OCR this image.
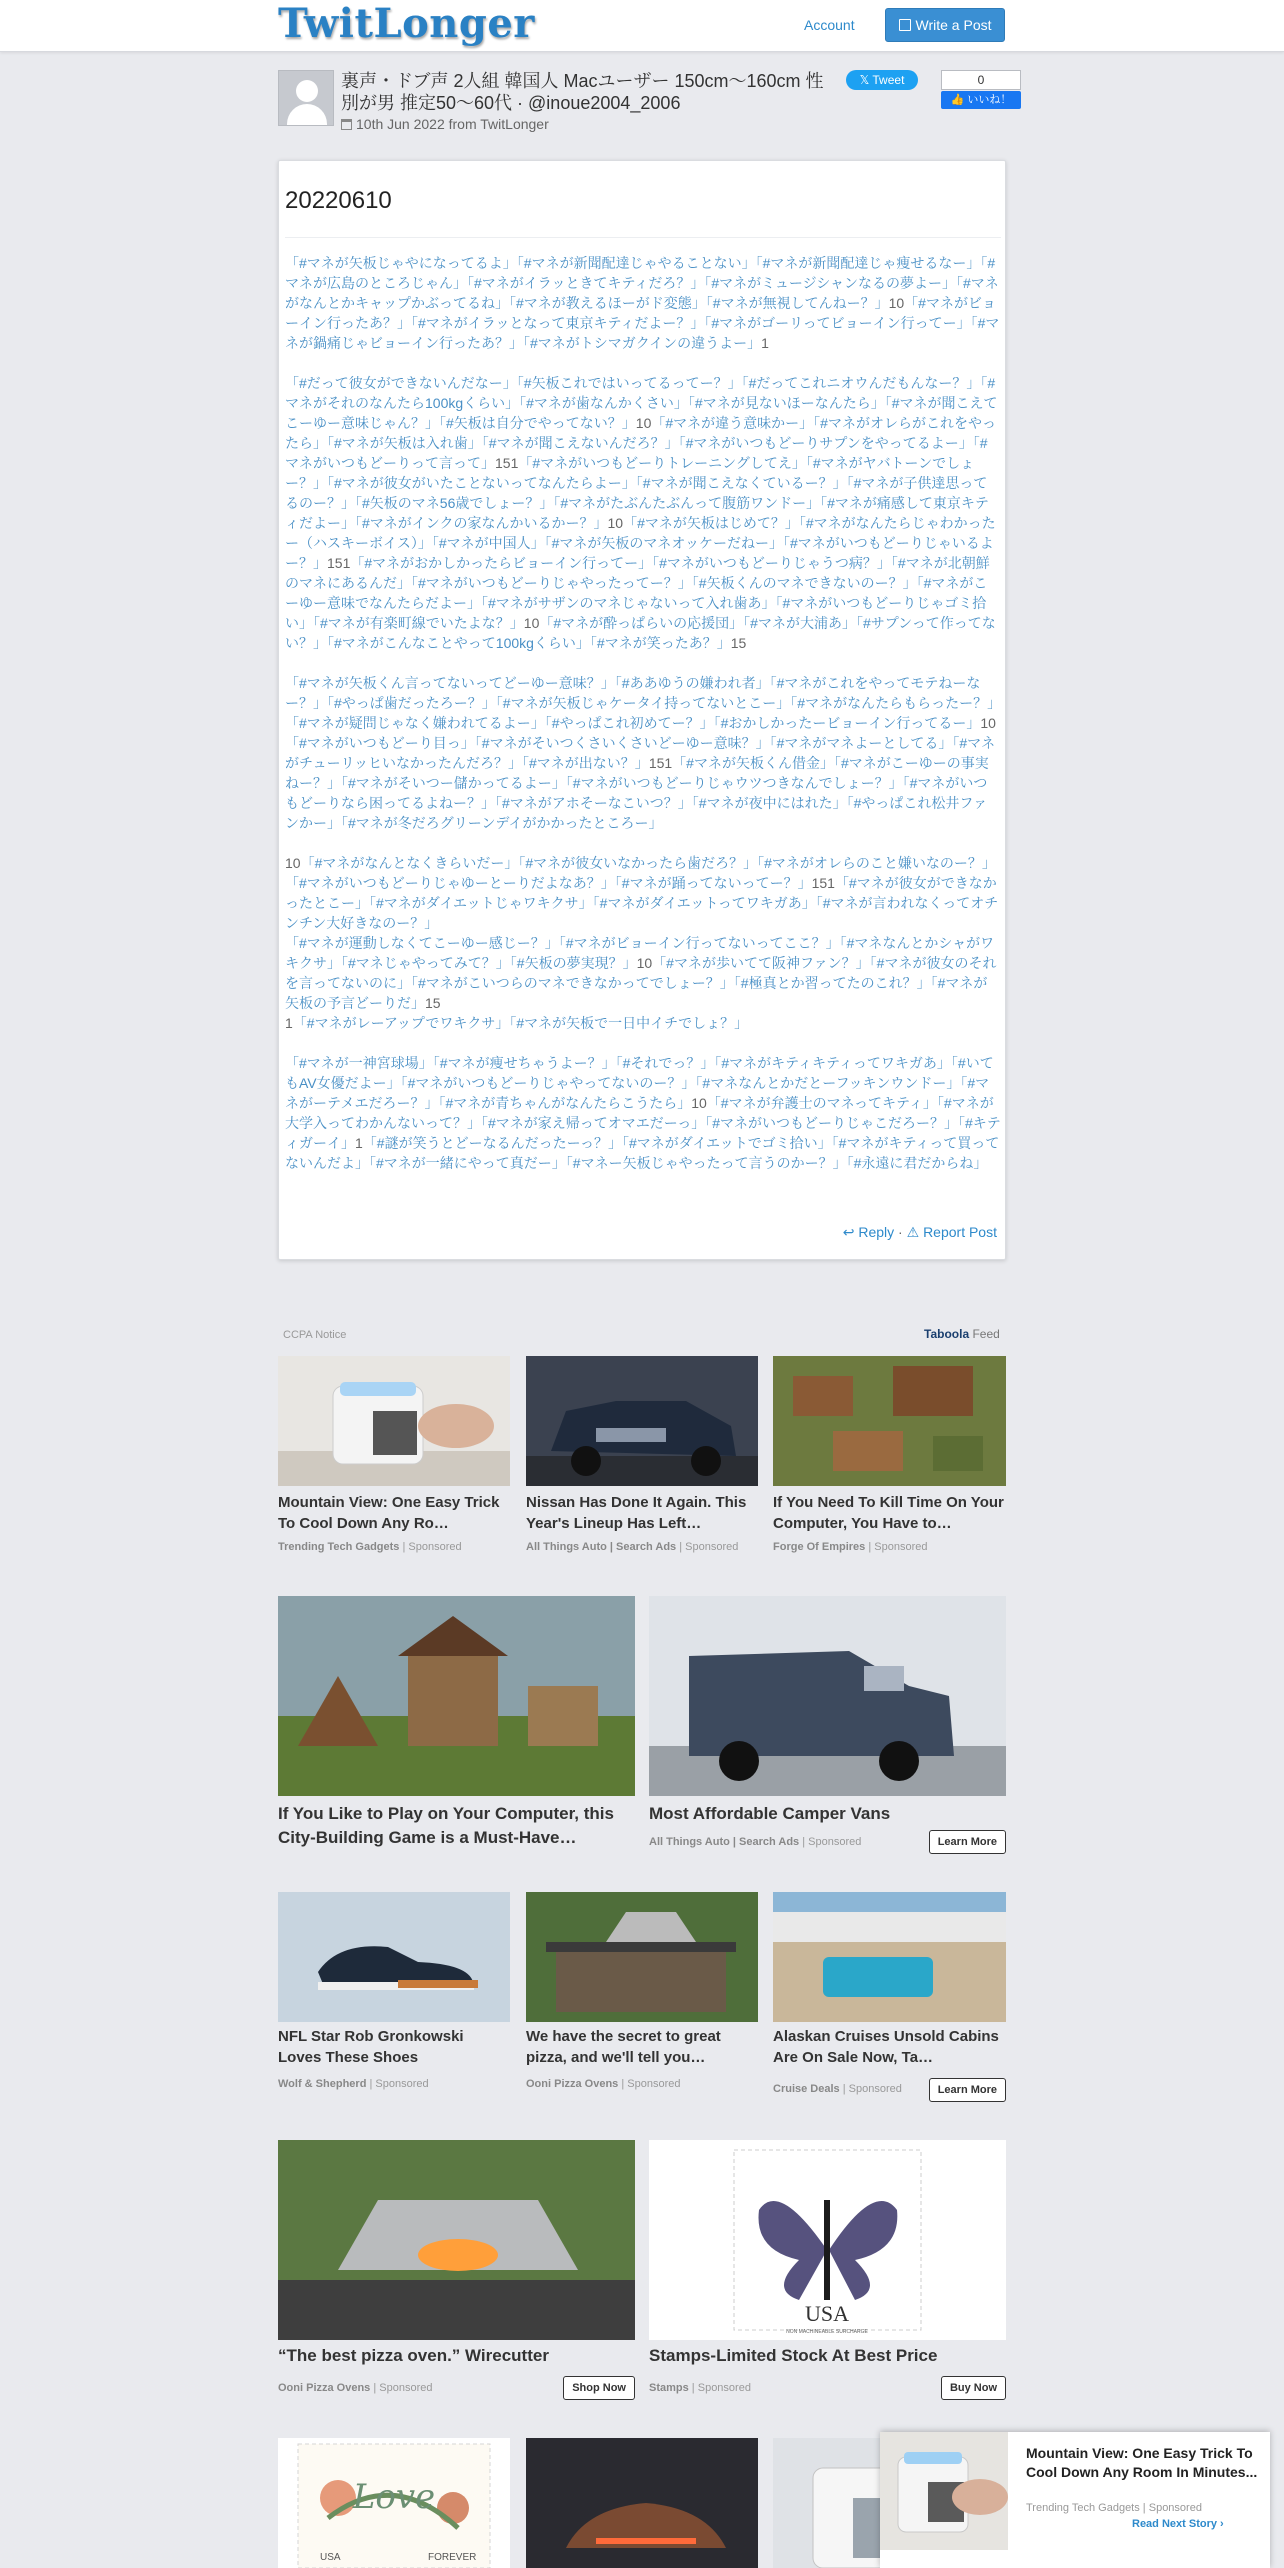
TwitLonger	Account	Write a Post
裏声・ドブ声 2人組 韓国人 Macユーザー 150cm～160cm 性別が男 推定50～60代 · @inoue2004_2006
10th Jun 2022 from TwitLonger
𝕏 Tweet	0
👍 いいね！
20220610

「#マネが矢板じゃやになってるよ」「#マネが新聞配達じゃやることない」「#マネが新聞配達じゃ痩せるなー」「#マネが広島のところじゃん」「#マネがイラッときてキティだろ？」「#マネがミュージシャンなるの夢よー」「#マネがなんとかキャップかぶってるね」「#マネが教えるほーがド変態」「#マネが無視してんねー？」10「#マネがビョーイン行ったあ？」「#マネがイラッとなって東京キティだよー？」「#マネがゴーリってビョーイン行ってー」「#マネが鍋痛じゃビョーイン行ったあ？」「#マネがトシマガクインの違うよー」1

「#だって彼女ができないんだなー」「#矢板これではいってるってー？」「#だってこれニオウんだもんなー？」「#マネがそれのなんたら100kgくらい」「#マネが歯なんかくさい」「#マネが見ないほーなんたら」「#マネが聞こえてこーゆー意味じゃん？」「#矢板は自分でやってない？」10「#マネが違う意味かー」「#マネがオレらがこれをやったら」「#マネが矢板は入れ歯」「#マネが聞こえないんだろ？」「#マネがいつもどーりサプンをやってるよー」「#マネがいつもどーりって言って」151「#マネがいつもどーりトレーニングしてえ」「#マネがヤバトーンでしょー？」「#マネが彼女がいたことないってなんたらよー」「#マネが聞こえなくているー？」「#マネが子供達思ってるのー？」「#矢板のマネ56歳でしょー？」「#マネがたぶんたぶんって腹筋ワンドー」「#マネが痛感して東京キティだよー」「#マネがインクの家なんかいるかー？」10「#マネが矢板はじめて？」「#マネがなんたらじゃわかったー（ハスキーボイス）」「#マネが中国人」「#マネが矢板のマネオッケーだねー」「#マネがいつもどーりじゃいるよー？」151「#マネがおかしかったらビョーイン行ってー」「#マネがいつもどーりじゃうつ病？」「#マネが北朝鮮のマネにあるんだ」「#マネがいつもどーりじゃやったってー？」「#矢板くんのマネできないのー？」「#マネがこーゆー意味でなんたらだよー」「#マネがサザンのマネじゃないって入れ歯あ」「#マネがいつもどーりじゃゴミ拾い」「#マネが有楽町線でいたよな？」10「#マネが酔っぱらいの応援団」「#マネが大浦あ」「#サプンって作ってない？」「#マネがこんなことやって100kgくらい」「#マネが笑ったあ？」15

「#マネが矢板くん言ってないってどーゆー意味？」「#ああゆうの嫌われ者」「#マネがこれをやってモテねーなー？」「#やっぱ歯だったろー？」「#マネが矢板じゃケータイ持ってないとこー」「#マネがなんたらもらったー？」「#マネが疑問じゃなく嫌われてるよー」「#やっぱこれ初めてー？」「#おかしかったービョーイン行ってるー」10「#マネがいつもどーり目っ」「#マネがそいつくさいくさいどーゆー意味？」「#マネがマネよーとしてる」「#マネがチューリッヒいなかったんだろ？」「#マネが出ない？」151「#マネが矢板くん借金」「#マネがこーゆーの事実ねー？」「#マネがそいつー儲かってるよー」「#マネがいつもどーりじゃウツつきなんでしょー？」「#マネがいつもどーりなら困ってるよねー？」「#マネがアホそーなこいつ？」「#マネが夜中にはれた」「#やっぱこれ松井ファンかー」「#マネが冬だろグリーンデイがかかったところー」

10「#マネがなんとなくきらいだー」「#マネが彼女いなかったら歯だろ？」「#マネがオレらのこと嫌いなのー？」「#マネがいつもどーりじゃゆーとーりだよなあ？」「#マネが踊ってないってー？」151「#マネが彼女ができなかったとこー」「#マネがダイエットじゃワキクサ」「#マネがダイエットってワキガあ」「#マネが言われなくってオチンチン大好きなのー？」
「#マネが運動しなくてこーゆー感じー？」「#マネがビョーイン行ってないってここ？」「#マネなんとかシャがワキクサ」「#マネじゃやってみて？」「#矢板の夢実現？」10「#マネが歩いてて阪神ファン？」「#マネが彼女のそれを言ってないのに」「#マネがこいつらのマネできなかってでしょー？」「#極真とか習ってたのこれ？」「#マネが矢板の予言どーりだ」15
1「#マネがレーアップでワキクサ」「#マネが矢板で一日中イチでしょ？」

「#マネが一神宮球場」「#マネが痩せちゃうよー？」「#それでっ？」「#マネがキティキティってワキガあ」「#いてもAV女優だよー」「#マネがいつもどーりじゃやってないのー？」「#マネなんとかだとーフッキンウンドー」「#マネがーテメエだろー？」「#マネが青ちゃんがなんたらこうたら」10「#マネが弁護士のマネってキティ」「#マネが大学入ってわかんないって？」「#マネが家え帰ってオマエだーっ」「#マネがいつもどーりじゃこだろー？」「#キティガーイ」1「#謎が笑うとどーなるんだったーっ？」「#マネがダイエットでゴミ拾い」「#マネがキティって買ってないんだよ」「#マネが一緒にやって真だー」「#マネー矢板じゃやったって言うのかー？」「#永遠に君だからね」

↩ Reply · ⚠ Report Post
CCPA Notice	Taboola Feed
Mountain View: One Easy Trick To Cool Down Any Ro…
Trending Tech Gadgets | Sponsored
Nissan Has Done It Again. This Year's Lineup Has Left…
All Things Auto | Search Ads | Sponsored
If You Need To Kill Time On Your Computer, You Have to…
Forge Of Empires | Sponsored
If You Like to Play on Your Computer, this City-Building Game is a Must-Have…
Most Affordable Camper Vans
All Things Auto | Search Ads | Sponsored	Learn More
NFL Star Rob Gronkowski Loves These Shoes
Wolf & Shepherd | Sponsored
We have the secret to great pizza, and we'll tell you…
Ooni Pizza Ovens | Sponsored
Alaskan Cruises Unsold Cabins Are On Sale Now, Ta…
Cruise Deals | Sponsored	Learn More
“The best pizza oven.” Wirecutter
Ooni Pizza Ovens | Sponsored	Shop Now
USA
NON MACHINEABLE SURCHARGE
Stamps-Limited Stock At Best Price
Stamps | Sponsored	Buy Now
Love
USA	FOREVER
Mountain View: One Easy Trick To Cool Down Any Room In Minutes...
Trending Tech Gadgets | Sponsored
Read Next Story ›
